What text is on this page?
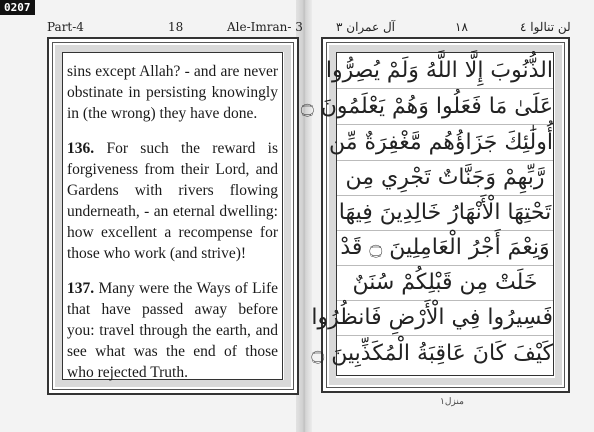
0207
Part-4	18	Ale-Imran- 3

sins except Allah? - and are never obstinate in persisting knowingly in (the wrong) they have done.

136. For such the reward is forgiveness from their Lord, and Gardens with rivers flowing underneath, - an eternal dwelling: how excellent a recompense for those who work (and strive)!

137. Many were the Ways of Life that have passed away before you: travel through the earth, and see what was the end of those who rejected Truth.

آل عمران ٣	١٨	لن تنالوا ٤
الذُّنُوبَ إِلَّا اللَّهُ وَلَمْ يُصِرُّوا
عَلَىٰ مَا فَعَلُوا وَهُمْ يَعْلَمُونَ ۝
أُولَٰئِكَ جَزَاؤُهُم مَّغْفِرَةٌ مِّن
رَّبِّهِمْ وَجَنَّاتٌ تَجْرِي مِن
تَحْتِهَا الْأَنْهَارُ خَالِدِينَ فِيهَا
وَنِعْمَ أَجْرُ الْعَامِلِينَ ۝ قَدْ
خَلَتْ مِن قَبْلِكُمْ سُنَنٌ
فَسِيرُوا فِي الْأَرْضِ فَانظُرُوا
كَيْفَ كَانَ عَاقِبَةُ الْمُكَذِّبِينَ ۝
منزل١
